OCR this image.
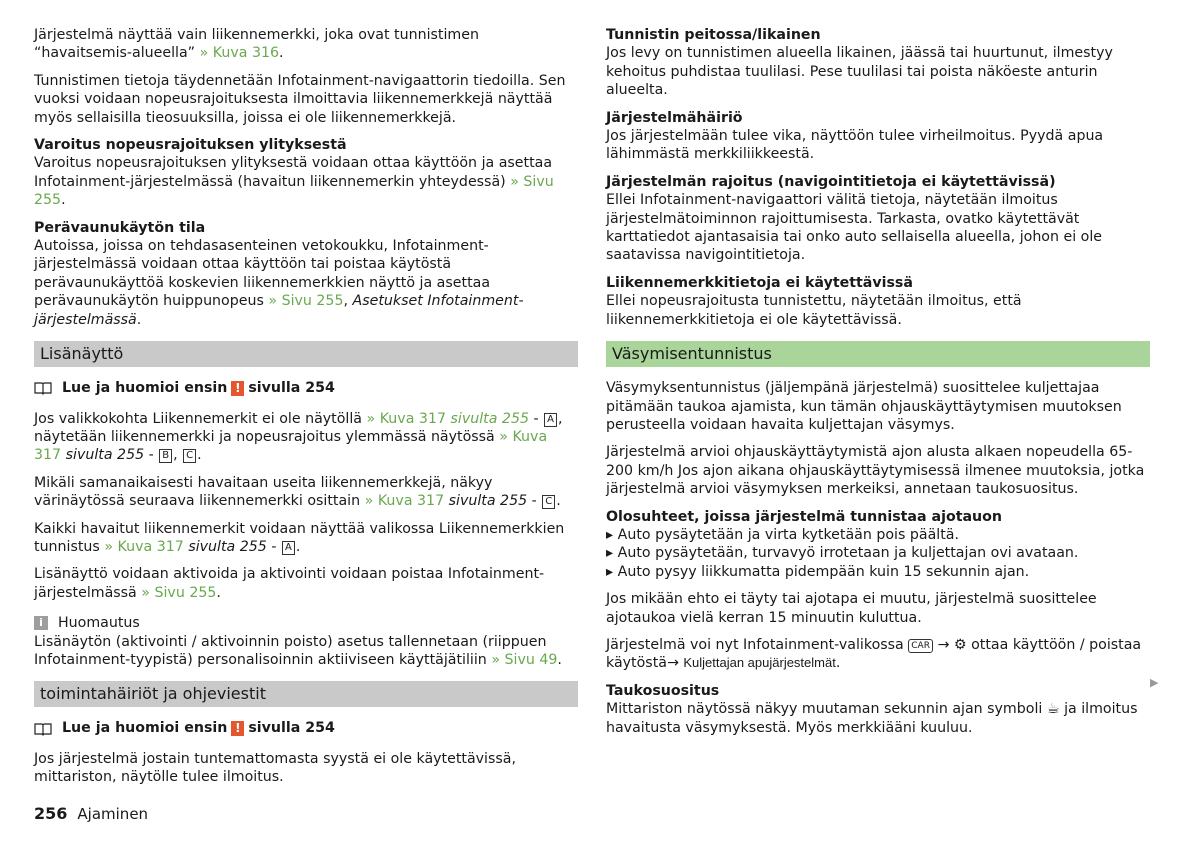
Järjestelmä näyttää vain liikennemerkki, joka ovat tunnistimen “havaitsemis-alueella” » Kuva 316.

Tunnistimen tietoja täydennetään Infotainment-navigaattorin tiedoilla. Sen vuoksi voidaan nopeusrajoituksesta ilmoittavia liikennemerkkejä näyttää myös sellaisilla tieosuuksilla, joissa ei ole liikennemerkkejä.

Varoitus nopeusrajoituksen ylityksestä

Varoitus nopeusrajoituksen ylityksestä voidaan ottaa käyttöön ja asettaa Infotainment-järjestelmässä (havaitun liikennemerkin yhteydessä) » Sivu 255.

Perävaunukäytön tila

Autoissa, joissa on tehdasasenteinen vetokoukku, Infotainment-järjestelmässä voidaan ottaa käyttöön tai poistaa käytöstä perävaunukäyttöä koskevien liikennemerkkien näyttö ja asettaa perävaunukäytön huippunopeus » Sivu 255, Asetukset Infotainment-järjestelmässä.

Lisänäyttö
Lue ja huomioi ensin ! sivulla 254

Jos valikkokohta Liikennemerkit ei ole näytöllä » Kuva 317 sivulta 255 - A , näytetään liikennemerkki ja nopeusrajoitus ylemmässä näytössä » Kuva 317 sivulta 255 - B , C .

Mikäli samanaikaisesti havaitaan useita liikennemerkkejä, näkyy värinäytössä seuraava liikennemerkki osittain » Kuva 317 sivulta 255 - C .

Kaikki havaitut liikennemerkit voidaan näyttää valikossa Liikennemerkkien tunnistus » Kuva 317 sivulta 255 - A .

Lisänäyttö voidaan aktivoida ja aktivointi voidaan poistaa Infotainment-järjestelmässä » Sivu 255.

i	Huomautus

Lisänäytön (aktivointi / aktivoinnin poisto) asetus tallennetaan (riippuen Infotainment-tyypistä) personalisoinnin aktiiviseen käyttäjätiliin » Sivu 49.

toimintahäiriöt ja ohjeviestit
Lue ja huomioi ensin ! sivulla 254

Jos järjestelmä jostain tuntemattomasta syystä ei ole käytettävissä, mittariston, näytölle tulee ilmoitus.

Tunnistin peitossa/likainen

Jos levy on tunnistimen alueella likainen, jäässä tai huurtunut, ilmestyy kehoitus puhdistaa tuulilasi. Pese tuulilasi tai poista näköeste anturin alueelta.

Järjestelmähäiriö

Jos järjestelmään tulee vika, näyttöön tulee virheilmoitus. Pyydä apua lähimmästä merkkiliikkeestä.

Järjestelmän rajoitus (navigointitietoja ei käytettävissä)

Ellei Infotainment-navigaattori välitä tietoja, näytetään ilmoitus järjestelmätoiminnon rajoittumisesta. Tarkasta, ovatko käytettävät karttatiedot ajantasaisia tai onko auto sellaisella alueella, johon ei ole saatavissa navigointitietoja.

Liikennemerkkitietoja ei käytettävissä

Ellei nopeusrajoitusta tunnistettu, näytetään ilmoitus, että liikennemerkkitietoja ei ole käytettävissä.

Väsymisentunnistus

Väsymyksentunnistus (jäljempänä järjestelmä) suosittelee kuljettajaa pitämään taukoa ajamista, kun tämän ohjauskäyttäytymisen muutoksen perusteella voidaan havaita kuljettajan väsymys.

Järjestelmä arvioi ohjauskäyttäytymistä ajon alusta alkaen nopeudella 65-200 km/h Jos ajon aikana ohjauskäyttäytymisessä ilmenee muutoksia, jotka järjestelmä arvioi väsymyksen merkeiksi, annetaan taukosuositus.

Olosuhteet, joissa järjestelmä tunnistaa ajotauon
▸ Auto pysäytetään ja virta kytketään pois päältä.
▸ Auto pysäytetään, turvavyö irrotetaan ja kuljettajan ovi avataan.
▸ Auto pysyy liikkumatta pidempään kuin 15 sekunnin ajan.

Jos mikään ehto ei täyty tai ajotapa ei muutu, järjestelmä suosittelee ajotaukoa vielä kerran 15 minuutin kuluttua.

Järjestelmä voi nyt Infotainment-valikossa CAR → ⚙ ottaa käyttöön / poistaa käytöstä→ Kuljettajan apujärjestelmät.

Taukosuositus

Mittariston näytössä näkyy muutaman sekunnin ajan symboli ☕ ja ilmoitus havaitusta väsymyksestä. Myös merkkiääni kuuluu.

▶
256 Ajaminen
